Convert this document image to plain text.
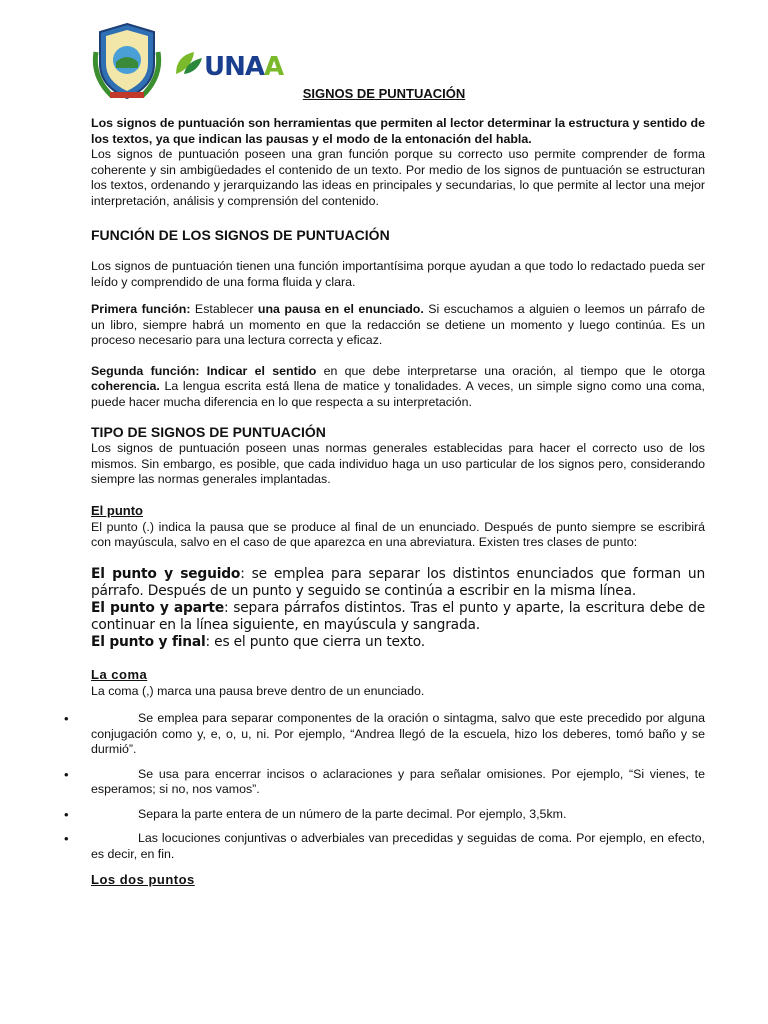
UNAA
SIGNOS DE PUNTUACIÓN

Los signos de puntuación son herramientas que permiten al lector determinar la estructura y sentido de los textos, ya que indican las pausas y el modo de la entonación del habla.

Los signos de puntuación poseen una gran función porque su correcto uso permite comprender de forma coherente y sin ambigüedades el contenido de un texto. Por medio de los signos de puntuación se estructuran los textos, ordenando y jerarquizando las ideas en principales y secundarias, lo que permite al lector una mejor interpretación, análisis y comprensión del contenido.

FUNCIÓN DE LOS SIGNOS DE PUNTUACIÓN

Los signos de puntuación tienen una función importantísima porque ayudan a que todo lo redactado pueda ser leído y comprendido de una forma fluida y clara.

Primera función: Establecer una pausa en el enunciado. Si escuchamos a alguien o leemos un párrafo de un libro, siempre habrá un momento en que la redacción se detiene un momento y luego continúa. Es un proceso necesario para una lectura correcta y eficaz.

Segunda función: Indicar el sentido en que debe interpretarse una oración, al tiempo que le otorga coherencia. La lengua escrita está llena de matice y tonalidades. A veces, un simple signo como una coma, puede hacer mucha diferencia en lo que respecta a su interpretación.

TIPO DE SIGNOS DE PUNTUACIÓN

Los signos de puntuación poseen unas normas generales establecidas para hacer el correcto uso de los mismos. Sin embargo, es posible, que cada individuo haga un uso particular de los signos pero, considerando siempre las normas generales implantadas.

El punto

El punto (.) indica la pausa que se produce al final de un enunciado. Después de punto siempre se escribirá con mayúscula, salvo en el caso de que aparezca en una abreviatura. Existen tres clases de punto:

El punto y seguido: se emplea para separar los distintos enunciados que forman un párrafo. Después de un punto y seguido se continúa a escribir en la misma línea.

El punto y aparte: separa párrafos distintos. Tras el punto y aparte, la escritura debe de continuar en la línea siguiente, en mayúscula y sangrada.

El punto y final: es el punto que cierra un texto.

La coma

La coma (,) marca una pausa breve dentro de un enunciado.

• Se emplea para separar componentes de la oración o sintagma, salvo que este precedido por alguna conjugación como y, e, o, u, ni. Por ejemplo, “Andrea llegó de la escuela, hizo los deberes, tomó baño y se durmió”.

• Se usa para encerrar incisos o aclaraciones y para señalar omisiones. Por ejemplo, “Si vienes, te esperamos; si no, nos vamos”.

• Separa la parte entera de un número de la parte decimal. Por ejemplo, 3,5km.

• Las locuciones conjuntivas o adverbiales van precedidas y seguidas de coma. Por ejemplo, en efecto, es decir, en fin.

Los dos puntos
